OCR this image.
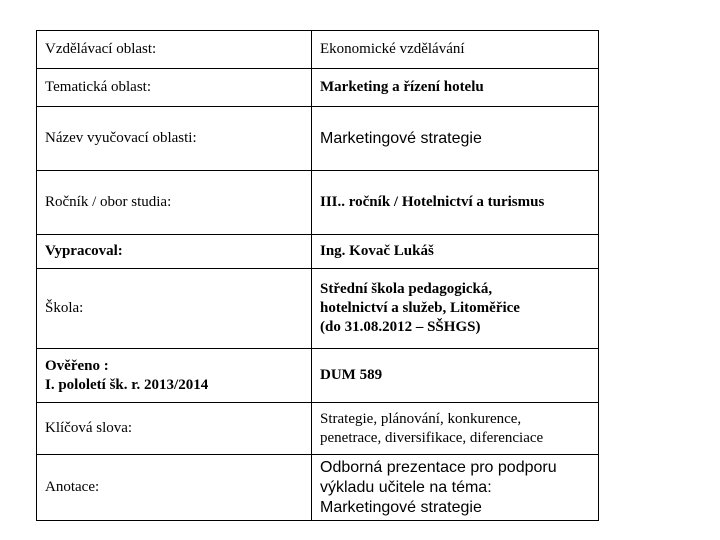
Vzdělávací oblast:	Ekonomické vzdělávání
Tematická oblast:	Marketing a řízení hotelu
Název vyučovací oblasti:	Marketingové strategie
Ročník / obor studia:	III.. ročník / Hotelnictví a turismus
Vypracoval:	Ing. Kovač Lukáš
Škola:	Střední škola pedagogická,
hotelnictví a služeb, Litoměřice
(do 31.08.2012 – SŠHGS)

Ověřeno :
I. pololetí šk. r. 2013/2014	DUM 589
Klíčová slova:	Strategie, plánování, konkurence,
penetrace, diversifikace, diferenciace

Anotace:	Odborná prezentace pro podporu
výkladu učitele na téma:
Marketingové strategie
